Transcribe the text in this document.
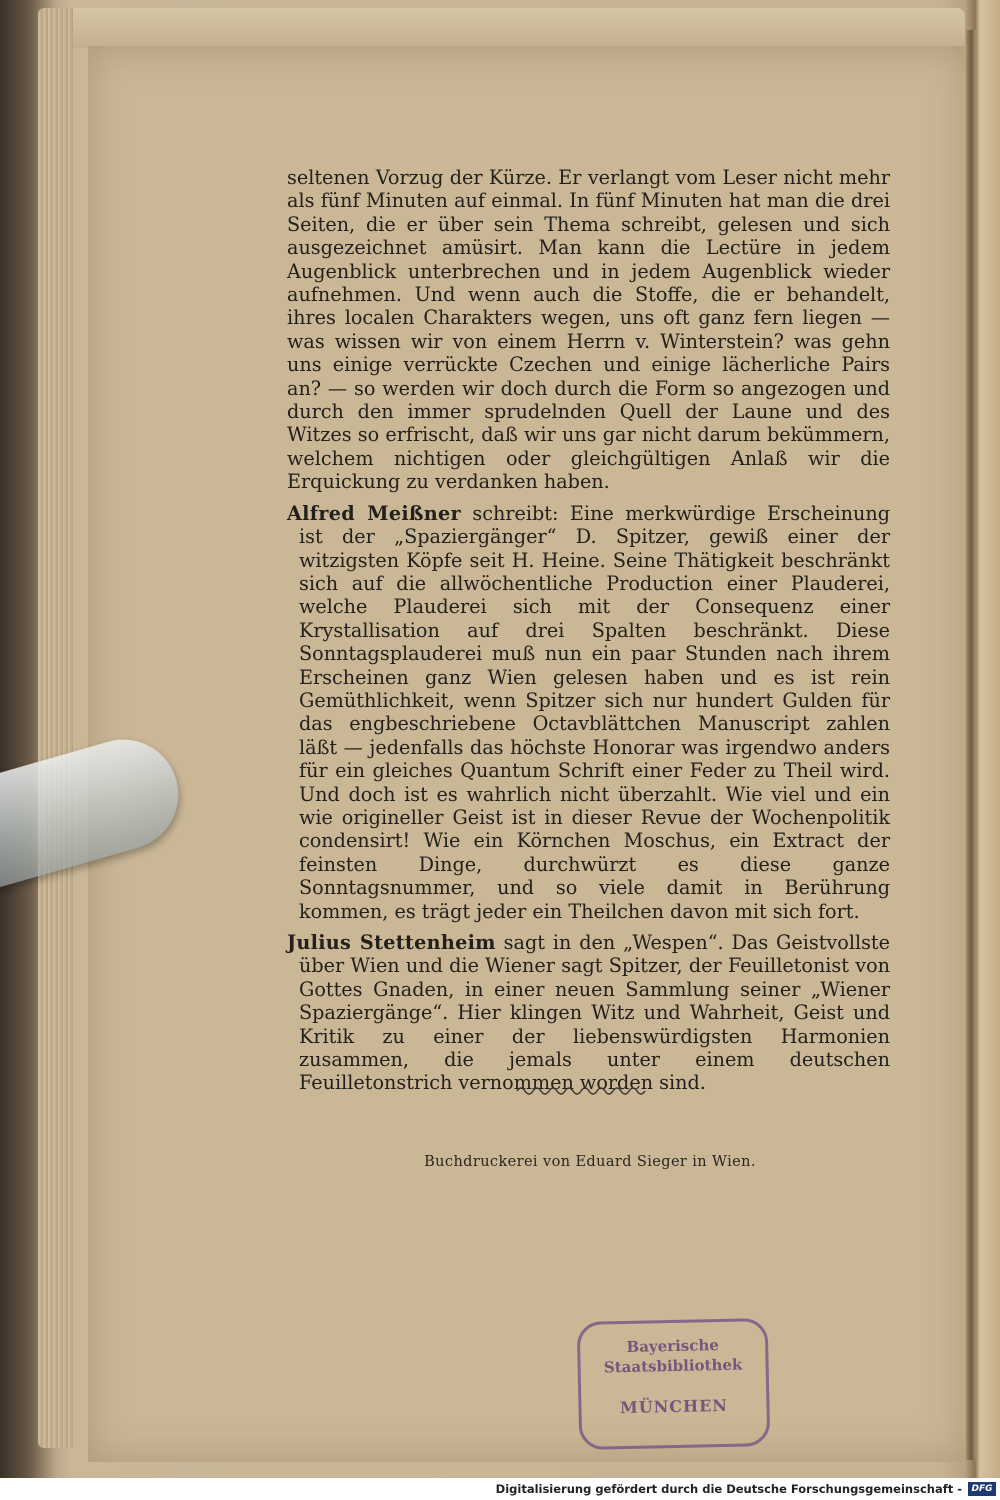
seltenen Vorzug der Kürze. Er verlangt vom Leser nicht mehr als fünf Minuten auf einmal. In fünf Minuten hat man die drei Seiten, die er über sein Thema schreibt, gelesen und sich ausgezeichnet amüsirt. Man kann die Lectüre in jedem Augenblick unterbrechen und in jedem Augenblick wieder aufnehmen. Und wenn auch die Stoffe, die er behandelt, ihres localen Charakters wegen, uns oft ganz fern liegen — was wissen wir von einem Herrn v. Winterstein? was gehn uns einige verrückte Czechen und einige lächerliche Pairs an? — so werden wir doch durch die Form so angezogen und durch den immer sprudelnden Quell der Laune und des Witzes so erfrischt, daß wir uns gar nicht darum bekümmern, welchem nichtigen oder gleichgültigen Anlaß wir die Erquickung zu verdanken haben.

Alfred Meißner schreibt: Eine merkwürdige Erscheinung ist der „Spaziergänger“ D. Spitzer, gewiß einer der witzigsten Köpfe seit H. Heine. Seine Thätigkeit beschränkt sich auf die allwöchentliche Production einer Plauderei, welche Plauderei sich mit der Consequenz einer Krystallisation auf drei Spalten beschränkt. Diese Sonntagsplauderei muß nun ein paar Stunden nach ihrem Erscheinen ganz Wien gelesen haben und es ist rein Gemüthlichkeit, wenn Spitzer sich nur hundert Gulden für das engbeschriebene Octavblättchen Manuscript zahlen läßt — jedenfalls das höchste Honorar was irgendwo anders für ein gleiches Quantum Schrift einer Feder zu Theil wird. Und doch ist es wahrlich nicht überzahlt. Wie viel und ein wie origineller Geist ist in dieser Revue der Wochenpolitik condensirt! Wie ein Körnchen Moschus, ein Extract der feinsten Dinge, durchwürzt es diese ganze Sonntagsnummer, und so viele damit in Berührung kommen, es trägt jeder ein Theilchen davon mit sich fort.

Julius Stettenheim sagt in den „Wespen“. Das Geistvollste über Wien und die Wiener sagt Spitzer, der Feuilletonist von Gottes Gnaden, in einer neuen Sammlung seiner „Wiener Spaziergänge“. Hier klingen Witz und Wahrheit, Geist und Kritik zu einer der liebenswürdigsten Harmonien zusammen, die jemals unter einem deutschen Feuilletonstrich vernommen worden sind.

Buchdruckerei von Eduard Sieger in Wien.
Bayerische
Staatsbibliothek
MÜNCHEN
Digitalisierung gefördert durch die Deutsche Forschungsgemeinschaft -	DFG
